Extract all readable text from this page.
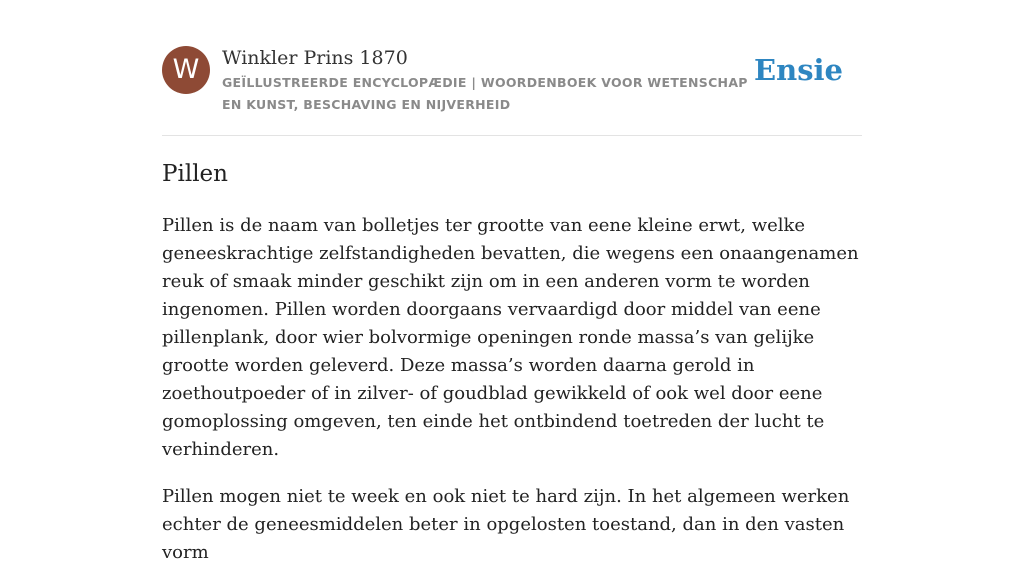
W	Winkler Prins 1870
GEÏLLUSTREERDE ENCYCLOPÆDIE | WOORDENBOEK VOOR WETENSCHAP EN KUNST, BESCHAVING EN NIJVERHEID
Ensie
Pillen

Pillen is de naam van bolletjes ter grootte van eene kleine erwt, welke geneeskrachtige zelfstandigheden bevatten, die wegens een onaangenamen reuk of smaak minder geschikt zijn om in een anderen vorm te worden ingenomen. Pillen worden doorgaans vervaardigd door middel van eene pillenplank, door wier bolvormige openingen ronde massa’s van gelijke grootte worden geleverd. Deze massa’s worden daarna gerold in zoethoutpoeder of in zilver- of goudblad gewikkeld of ook wel door eene gomoplossing omgeven, ten einde het ontbindend toetreden der lucht te verhinderen.

Pillen mogen niet te week en ook niet te hard zijn. In het algemeen werken echter de geneesmiddelen beter in opgelosten toestand, dan in den vasten vorm
